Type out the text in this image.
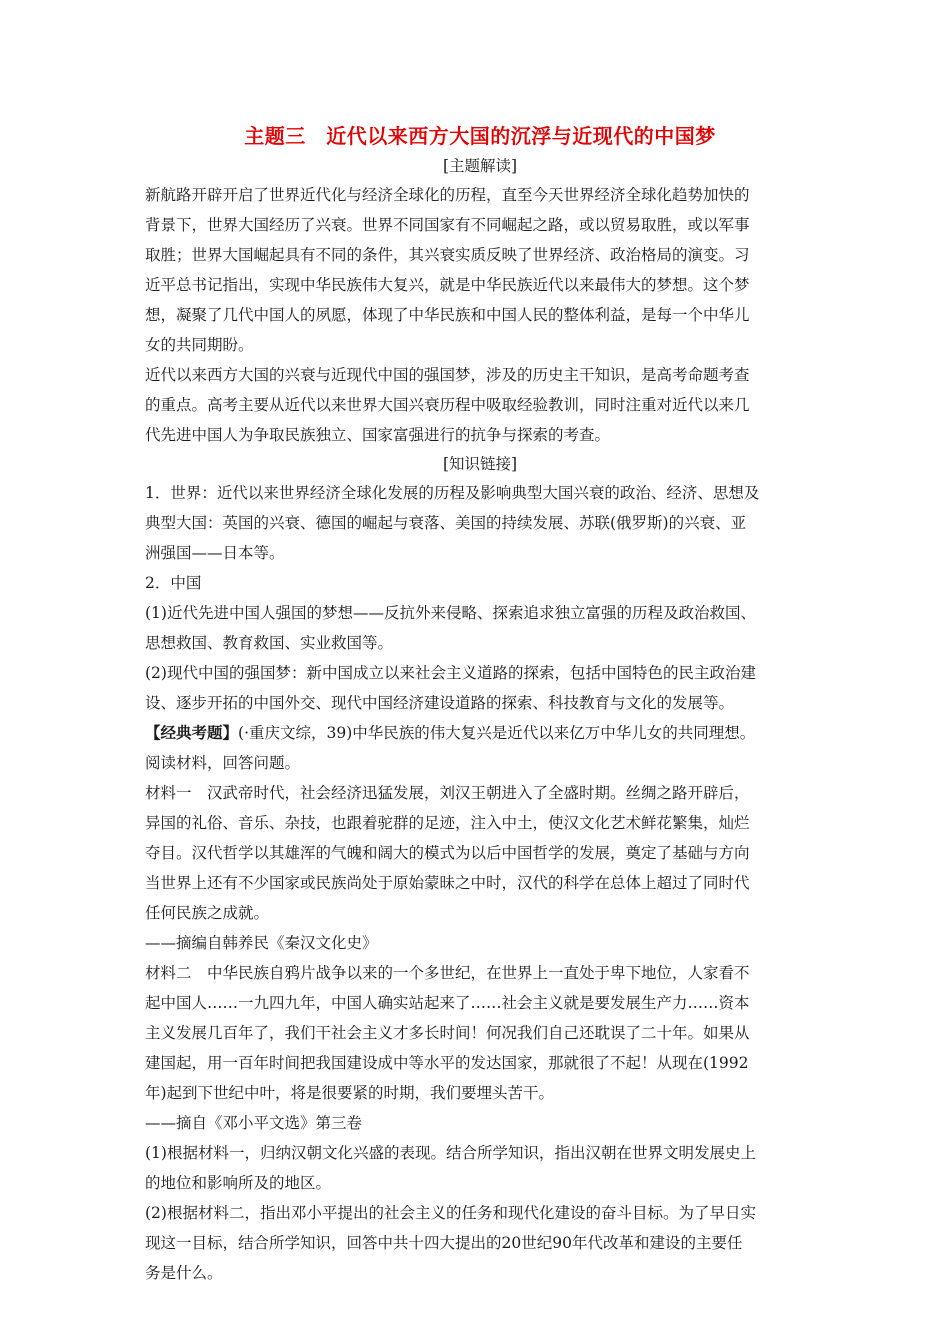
主题三　近代以来西方大国的沉浮与近现代的中国梦
[主题解读]

新航路开辟开启了世界近代化与经济全球化的历程，直至今天世界经济全球化趋势加快的
背景下，世界大国经历了兴衰。世界不同国家有不同崛起之路，或以贸易取胜，或以军事
取胜；世界大国崛起具有不同的条件，其兴衰实质反映了世界经济、政治格局的演变。习
近平总书记指出，实现中华民族伟大复兴，就是中华民族近代以来最伟大的梦想。这个梦
想，凝聚了几代中国人的夙愿，体现了中华民族和中国人民的整体利益，是每一个中华儿
女的共同期盼。

近代以来西方大国的兴衰与近现代中国的强国梦，涉及的历史主干知识，是高考命题考查
的重点。高考主要从近代以来世界大国兴衰历程中吸取经验教训，同时注重对近代以来几
代先进中国人为争取民族独立、国家富强进行的抗争与探索的考查。

[知识链接]

1．世界：近代以来世界经济全球化发展的历程及影响典型大国兴衰的政治、经济、思想及
典型大国：英国的兴衰、德国的崛起与衰落、美国的持续发展、苏联(俄罗斯)的兴衰、亚
洲强国——日本等。

2．中国

(1)近代先进中国人强国的梦想——反抗外来侵略、探索追求独立富强的历程及政治救国、
思想救国、教育救国、实业救国等。

(2)现代中国的强国梦：新中国成立以来社会主义道路的探索，包括中国特色的民主政治建
设、逐步开拓的中国外交、现代中国经济建设道路的探索、科技教育与文化的发展等。

【经典考题】(·重庆文综，39)中华民族的伟大复兴是近代以来亿万中华儿女的共同理想。
阅读材料，回答问题。

材料一　汉武帝时代，社会经济迅猛发展，刘汉王朝进入了全盛时期。丝绸之路开辟后，
异国的礼俗、音乐、杂技，也跟着驼群的足迹，注入中土，使汉文化艺术鲜花繁集，灿烂
夺目。汉代哲学以其雄浑的气魄和阔大的模式为以后中国哲学的发展，奠定了基础与方向
当世界上还有不少国家或民族尚处于原始蒙昧之中时，汉代的科学在总体上超过了同时代
任何民族之成就。
——摘编自韩养民《秦汉文化史》

材料二　中华民族自鸦片战争以来的一个多世纪，在世界上一直处于卑下地位，人家看不
起中国人……一九四九年，中国人确实站起来了……社会主义就是要发展生产力……资本
主义发展几百年了，我们干社会主义才多长时间！何况我们自己还耽误了二十年。如果从
建国起，用一百年时间把我国建设成中等水平的发达国家，那就很了不起！从现在(1992
年)起到下世纪中叶，将是很要紧的时期，我们要埋头苦干。
——摘自《邓小平文选》第三卷

(1)根据材料一，归纳汉朝文化兴盛的表现。结合所学知识，指出汉朝在世界文明发展史上
的地位和影响所及的地区。

(2)根据材料二，指出邓小平提出的社会主义的任务和现代化建设的奋斗目标。为了早日实
现这一目标，结合所学知识，回答中共十四大提出的20世纪90年代改革和建设的主要任
务是什么。
